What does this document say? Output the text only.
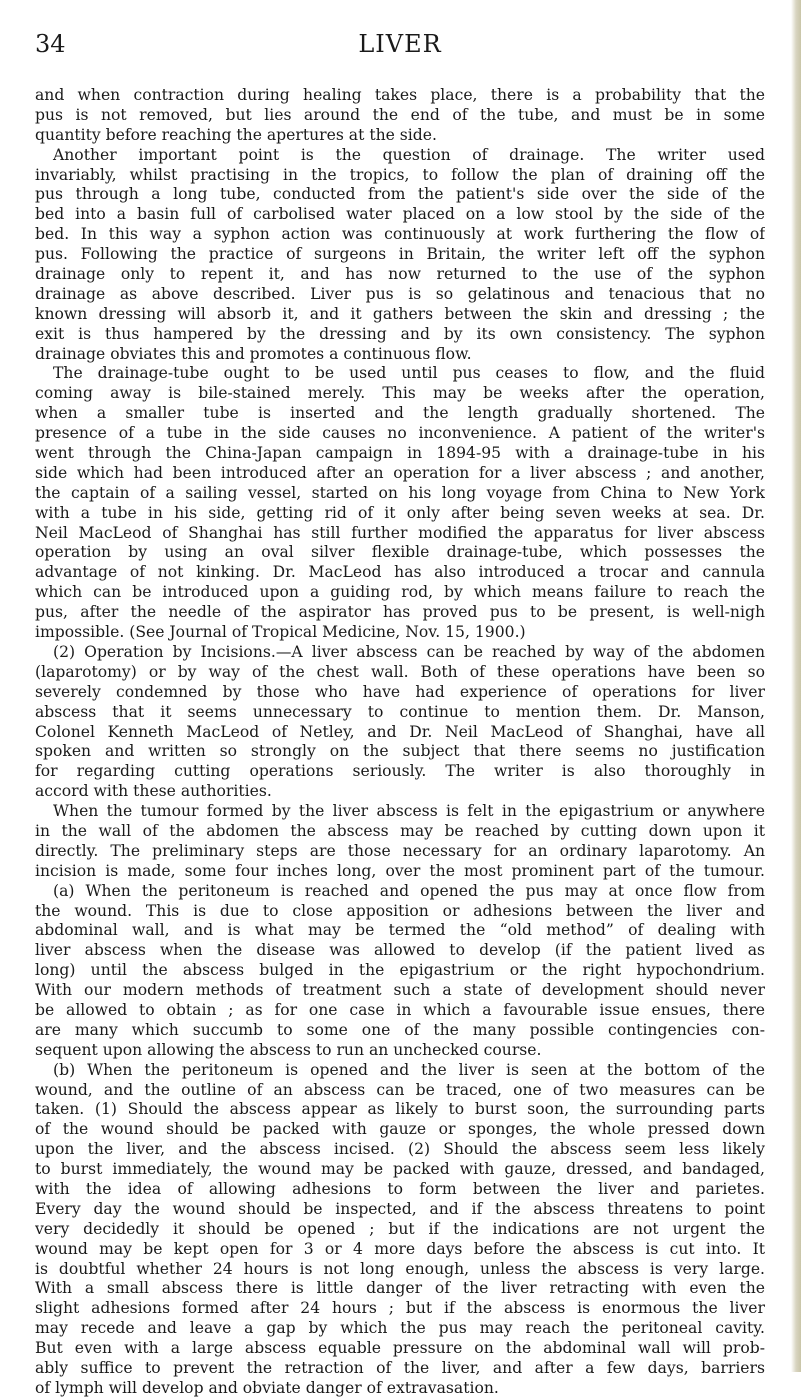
34	LIVER
and when contraction during healing takes place, there is a probability that the
pus is not removed, but lies around the end of the tube, and must be in some
quantity before reaching the apertures at the side.
Another important point is the question of drainage. The writer used
invariably, whilst practising in the tropics, to follow the plan of draining off the
pus through a long tube, conducted from the patient's side over the side of the
bed into a basin full of carbolised water placed on a low stool by the side of the
bed. In this way a syphon action was continuously at work furthering the flow of
pus. Following the practice of surgeons in Britain, the writer left off the syphon
drainage only to repent it, and has now returned to the use of the syphon
drainage as above described. Liver pus is so gelatinous and tenacious that no
known dressing will absorb it, and it gathers between the skin and dressing ; the
exit is thus hampered by the dressing and by its own consistency. The syphon
drainage obviates this and promotes a continuous flow.
The drainage-tube ought to be used until pus ceases to flow, and the fluid
coming away is bile-stained merely. This may be weeks after the operation,
when a smaller tube is inserted and the length gradually shortened. The
presence of a tube in the side causes no inconvenience. A patient of the writer's
went through the China-Japan campaign in 1894-95 with a drainage-tube in his
side which had been introduced after an operation for a liver abscess ; and another,
the captain of a sailing vessel, started on his long voyage from China to New York
with a tube in his side, getting rid of it only after being seven weeks at sea. Dr.
Neil MacLeod of Shanghai has still further modified the apparatus for liver abscess
operation by using an oval silver flexible drainage-tube, which possesses the
advantage of not kinking. Dr. MacLeod has also introduced a trocar and cannula
which can be introduced upon a guiding rod, by which means failure to reach the
pus, after the needle of the aspirator has proved pus to be present, is well-nigh
impossible. (See Journal of Tropical Medicine, Nov. 15, 1900.)
(2) Operation by Incisions.—A liver abscess can be reached by way of the abdomen
(laparotomy) or by way of the chest wall. Both of these operations have been so
severely condemned by those who have had experience of operations for liver
abscess that it seems unnecessary to continue to mention them. Dr. Manson,
Colonel Kenneth MacLeod of Netley, and Dr. Neil MacLeod of Shanghai, have all
spoken and written so strongly on the subject that there seems no justification
for regarding cutting operations seriously. The writer is also thoroughly in
accord with these authorities.
When the tumour formed by the liver abscess is felt in the epigastrium or anywhere
in the wall of the abdomen the abscess may be reached by cutting down upon it
directly. The preliminary steps are those necessary for an ordinary laparotomy. An
incision is made, some four inches long, over the most prominent part of the tumour.
(a) When the peritoneum is reached and opened the pus may at once flow from
the wound. This is due to close apposition or adhesions between the liver and
abdominal wall, and is what may be termed the “old method” of dealing with
liver abscess when the disease was allowed to develop (if the patient lived as
long) until the abscess bulged in the epigastrium or the right hypochondrium.
With our modern methods of treatment such a state of development should never
be allowed to obtain ; as for one case in which a favourable issue ensues, there
are many which succumb to some one of the many possible contingencies con-
sequent upon allowing the abscess to run an unchecked course.
(b) When the peritoneum is opened and the liver is seen at the bottom of the
wound, and the outline of an abscess can be traced, one of two measures can be
taken. (1) Should the abscess appear as likely to burst soon, the surrounding parts
of the wound should be packed with gauze or sponges, the whole pressed down
upon the liver, and the abscess incised. (2) Should the abscess seem less likely
to burst immediately, the wound may be packed with gauze, dressed, and bandaged,
with the idea of allowing adhesions to form between the liver and parietes.
Every day the wound should be inspected, and if the abscess threatens to point
very decidedly it should be opened ; but if the indications are not urgent the
wound may be kept open for 3 or 4 more days before the abscess is cut into. It
is doubtful whether 24 hours is not long enough, unless the abscess is very large.
With a small abscess there is little danger of the liver retracting with even the
slight adhesions formed after 24 hours ; but if the abscess is enormous the liver
may recede and leave a gap by which the pus may reach the peritoneal cavity.
But even with a large abscess equable pressure on the abdominal wall will prob-
ably suffice to prevent the retraction of the liver, and after a few days, barriers
of lymph will develop and obviate danger of extravasation.
